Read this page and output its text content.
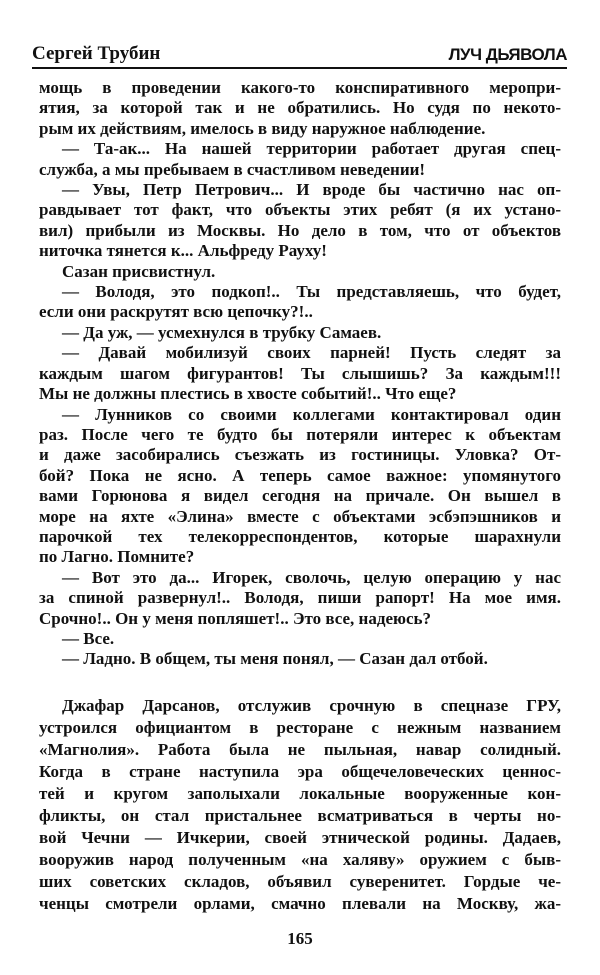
Сергей Трубин	ЛУЧ ДЬЯВОЛА
мощь в проведении какого-то конспиративного меропри-
ятия, за которой так и не обратились. Но судя по некото-
рым их действиям, имелось в виду наружное наблюдение.
— Та-ак... На нашей территории работает другая спец-
служба, а мы пребываем в счастливом неведении!
— Увы, Петр Петрович... И вроде бы частично нас оп-
равдывает тот факт, что объекты этих ребят (я их устано-
вил) прибыли из Москвы. Но дело в том, что от объектов
ниточка тянется к... Альфреду Рауху!
Сазан присвистнул.
— Володя, это подкоп!.. Ты представляешь, что будет,
если они раскрутят всю цепочку?!..
— Да уж, — усмехнулся в трубку Самаев.
— Давай мобилизуй своих парней! Пусть следят за
каждым шагом фигурантов! Ты слышишь? За каждым!!!
Мы не должны плестись в хвосте событий!.. Что еще?
— Лунников со своими коллегами контактировал один
раз. После чего те будто бы потеряли интерес к объектам
и даже засобирались съезжать из гостиницы. Уловка? От-
бой? Пока не ясно. А теперь самое важное: упомянутого
вами Горюнова я видел сегодня на причале. Он вышел в
море на яхте «Элина» вместе с объектами эсбэпэшников и
парочкой тех телекорреспондентов, которые шарахнули
по Лагно. Помните?
— Вот это да... Игорек, сволочь, целую операцию у нас
за спиной развернул!.. Володя, пиши рапорт! На мое имя.
Срочно!.. Он у меня попляшет!.. Это все, надеюсь?
— Все.
— Ладно. В общем, ты меня понял, — Сазан дал отбой.
Джафар Дарсанов, отслужив срочную в спецназе ГРУ,
устроился официантом в ресторане с нежным названием
«Магнолия». Работа была не пыльная, навар солидный.
Когда в стране наступила эра общечеловеческих ценнос-
тей и кругом заполыхали локальные вооруженные кон-
фликты, он стал пристальнее всматриваться в черты но-
вой Чечни — Ичкерии, своей этнической родины. Дадаев,
вооружив народ полученным «на халяву» оружием с быв-
ших советских складов, объявил суверенитет. Гордые че-
ченцы смотрели орлами, смачно плевали на Москву, жа-
165
